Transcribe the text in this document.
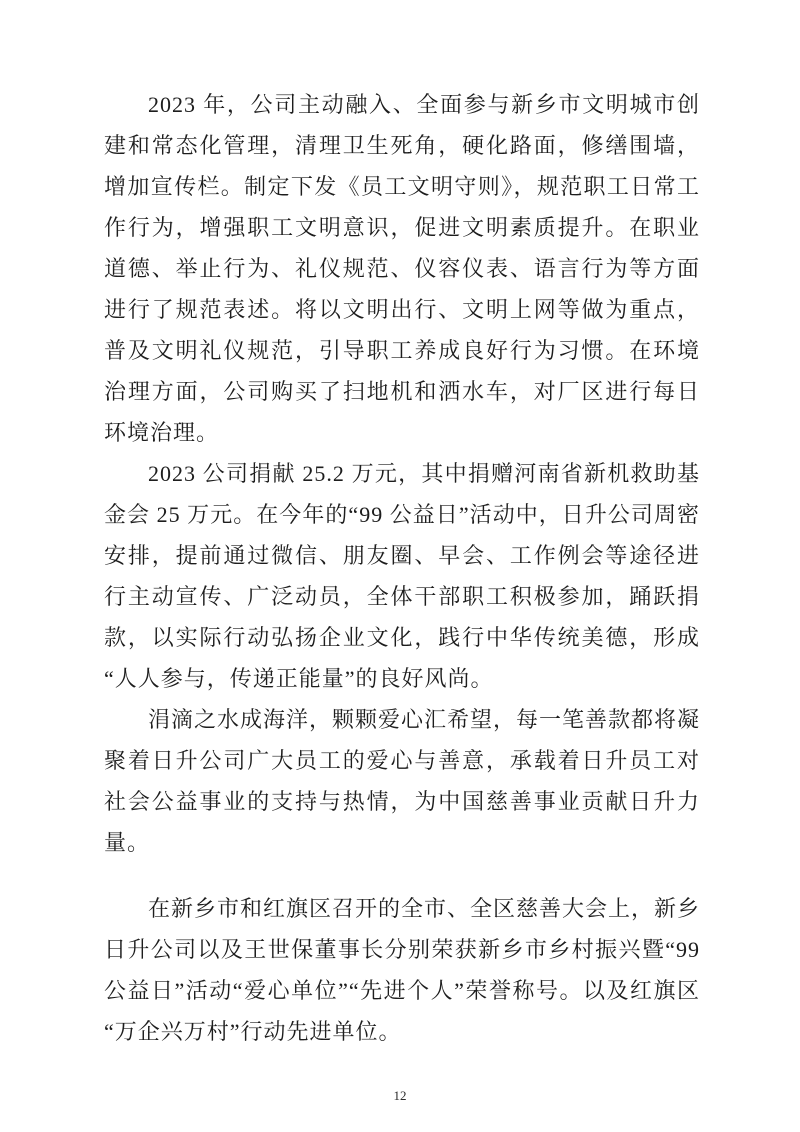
2023 年，公司主动融入、全面参与新乡市文明城市创建和常态化管理，清理卫生死角，硬化路面，修缮围墙，增加宣传栏。制定下发《员工文明守则》，规范职工日常工作行为，增强职工文明意识，促进文明素质提升。在职业道德、举止行为、礼仪规范、仪容仪表、语言行为等方面进行了规范表述。将以文明出行、文明上网等做为重点，普及文明礼仪规范，引导职工养成良好行为习惯。在环境治理方面，公司购买了扫地机和洒水车，对厂区进行每日环境治理。

2023 公司捐献 25.2 万元，其中捐赠河南省新机救助基金会 25 万元。在今年的“99 公益日”活动中，日升公司周密安排，提前通过微信、朋友圈、早会、工作例会等途径进行主动宣传、广泛动员，全体干部职工积极参加，踊跃捐款，以实际行动弘扬企业文化，践行中华传统美德，形成“人人参与，传递正能量”的良好风尚。

涓滴之水成海洋，颗颗爱心汇希望，每一笔善款都将凝聚着日升公司广大员工的爱心与善意，承载着日升员工对社会公益事业的支持与热情，为中国慈善事业贡献日升力量。

在新乡市和红旗区召开的全市、全区慈善大会上，新乡日升公司以及王世保董事长分别荣获新乡市乡村振兴暨“99 公益日”活动“爱心单位”“先进个人”荣誉称号。以及红旗区“万企兴万村”行动先进单位。

12
